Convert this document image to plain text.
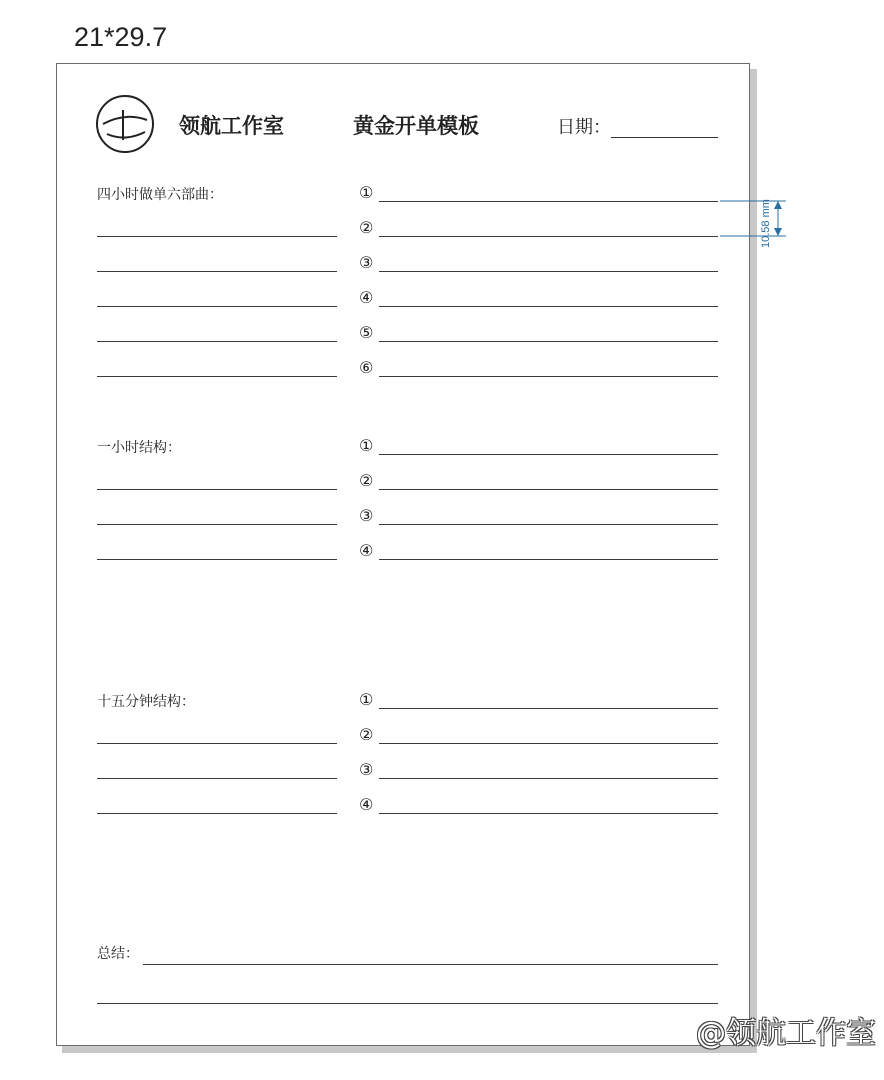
21*29.7
领航工作室	黄金开单模板	日期：
四小时做单六部曲：	①
②
③
④
⑤
⑥
一小时结构：	①
②
③
④
十五分钟结构：	①
②
③
④
总结：
10.58 mm
@领航工作室
